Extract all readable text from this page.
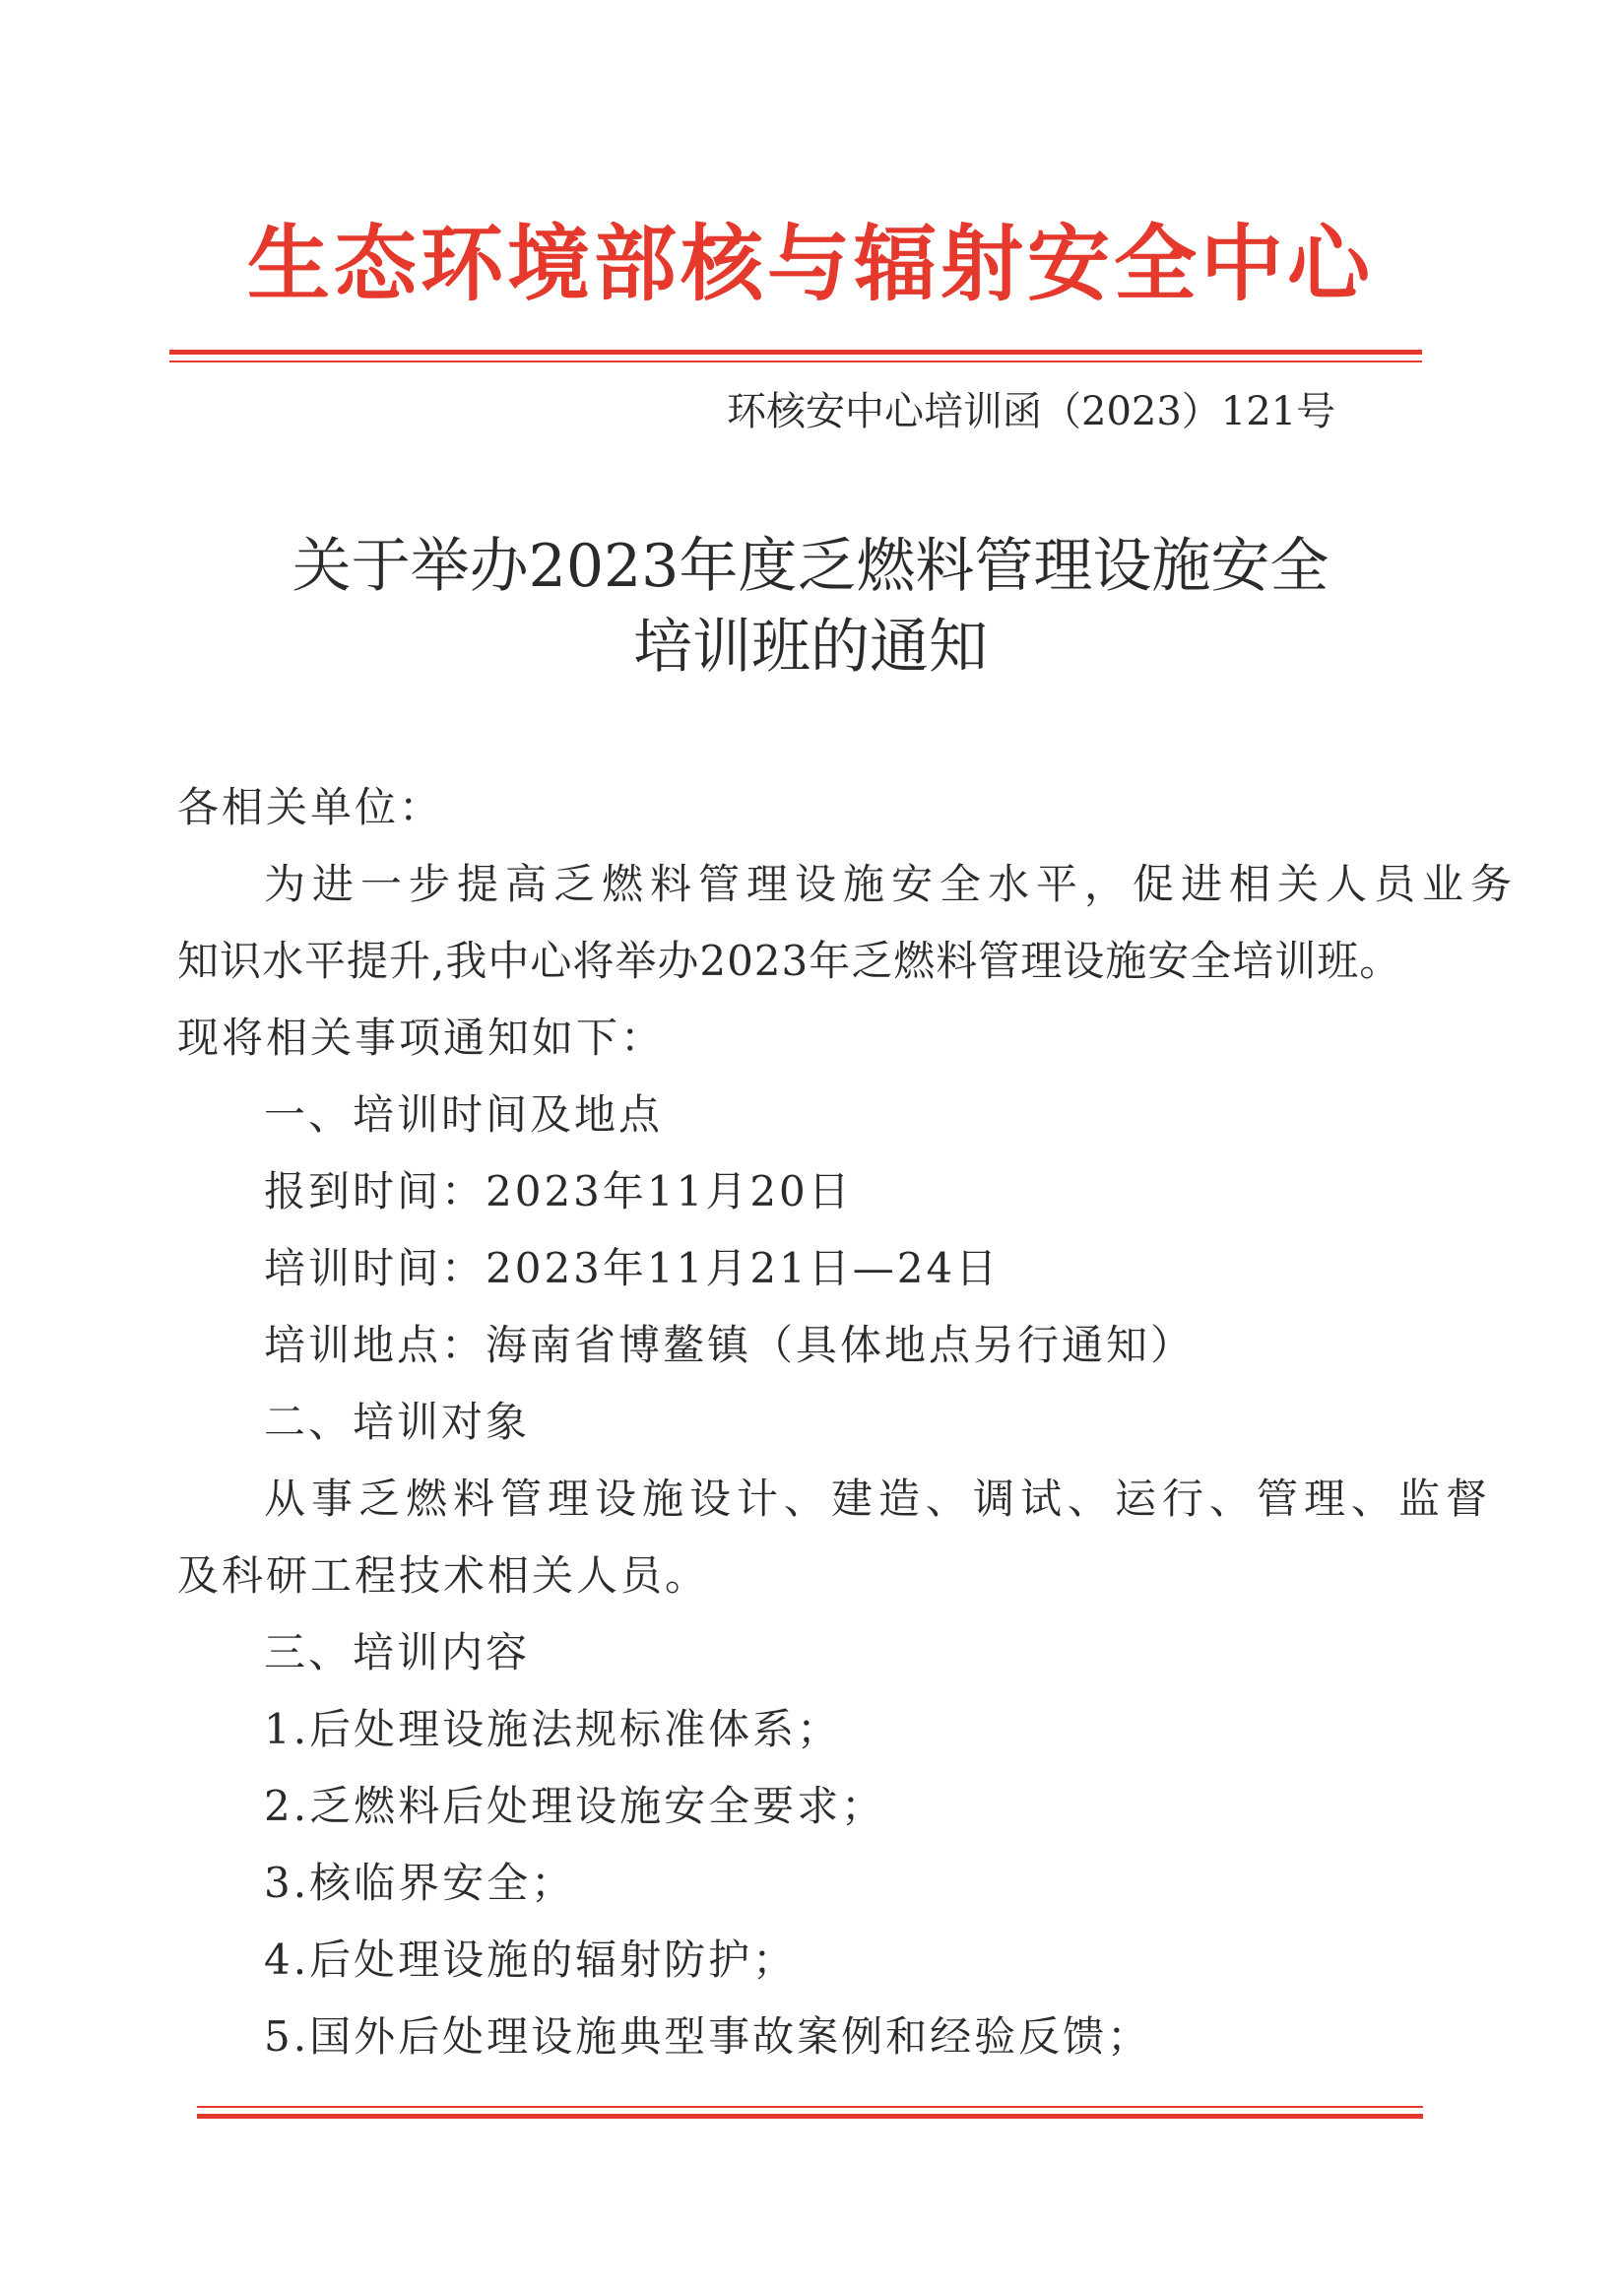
生态环境部核与辐射安全中心
环核安中心培训函（2023）121号
关于举办2023年度乏燃料管理设施安全
培训班的通知
各相关单位：
为进一步提高乏燃料管理设施安全水平，促进相关人员业务
知识水平提升,我中心将举办2023年乏燃料管理设施安全培训班。
现将相关事项通知如下：
一、培训时间及地点
报到时间：2023年11月20日
培训时间：2023年11月21日—24日
培训地点：海南省博鳌镇（具体地点另行通知）
二、培训对象
从事乏燃料管理设施设计、建造、调试、运行、管理、监督
及科研工程技术相关人员。
三、培训内容
1.后处理设施法规标准体系；
2.乏燃料后处理设施安全要求；
3.核临界安全；
4.后处理设施的辐射防护；
5.国外后处理设施典型事故案例和经验反馈；
